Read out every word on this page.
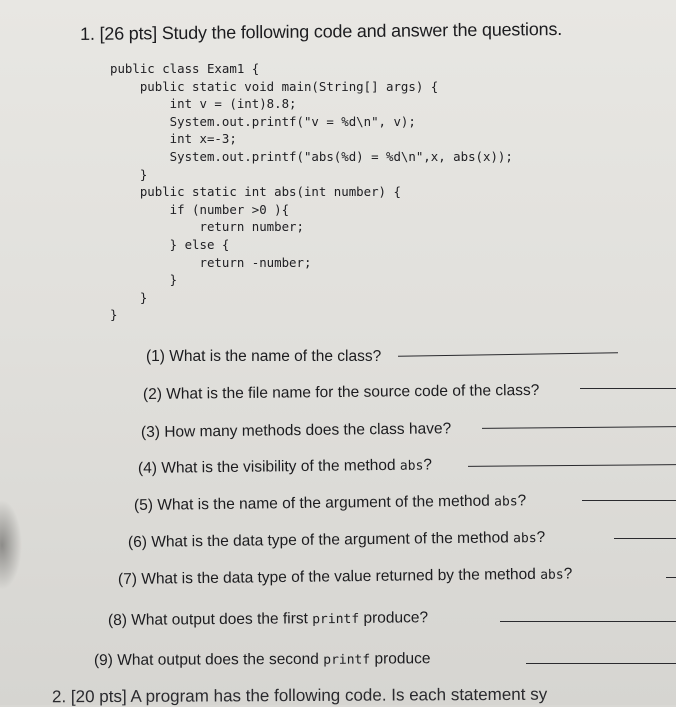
1. [26 pts] Study the following code and answer the questions.
public class Exam1 {
public static void main(String[] args) {
int v = (int)8.8;
System.out.printf("v = %d\n", v);
int x=-3;
System.out.printf("abs(%d) = %d\n",x, abs(x));
}
public static int abs(int number) {
if (number >0 ){
return number;
} else {
return -number;
}
}
}
(1) What is the name of the class?
(2) What is the file name for the source code of the class?
(3) How many methods does the class have?
(4) What is the visibility of the method abs?
(5) What is the name of the argument of the method abs?
(6) What is the data type of the argument of the method abs?
(7) What is the data type of the value returned by the method abs?
(8) What output does the first printf produce?
(9) What output does the second printf produce
2. [20 pts] A program has the following code. Is each statement sy
